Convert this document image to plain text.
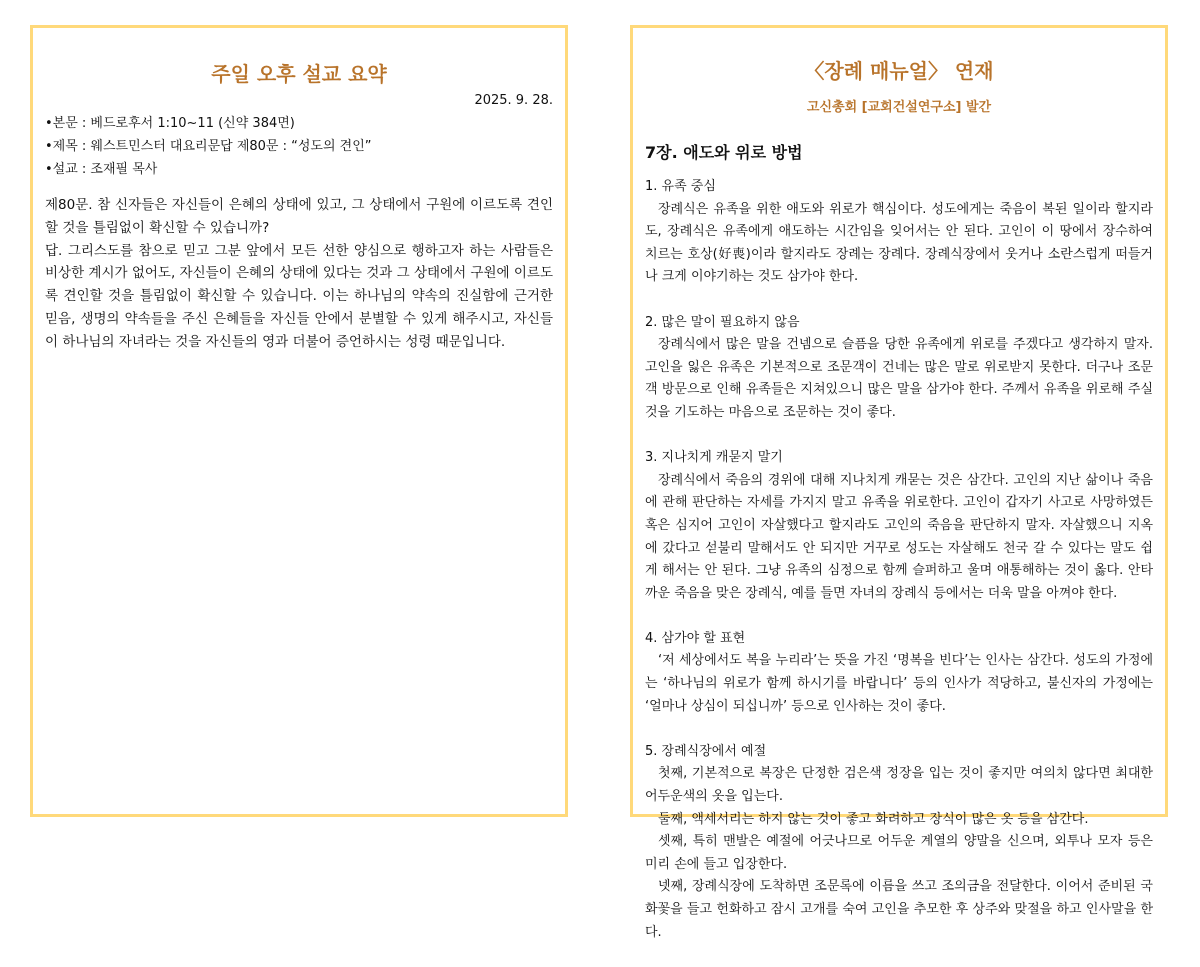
주일 오후 설교 요약
2025. 9. 28.
•본문 : 베드로후서 1:10~11 (신약 384면)
•제목 : 웨스트민스터 대요리문답 제80문 : “성도의 견인”
•설교 : 조재필 목사

제80문. 참 신자들은 자신들이 은혜의 상태에 있고, 그 상태에서 구원에 이르도록 견인할 것을 틀림없이 확신할 수 있습니까?

답. 그리스도를 참으로 믿고 그분 앞에서 모든 선한 양심으로 행하고자 하는 사람들은 비상한 계시가 없어도, 자신들이 은혜의 상태에 있다는 것과 그 상태에서 구원에 이르도록 견인할 것을 틀림없이 확신할 수 있습니다. 이는 하나님의 약속의 진실함에 근거한 믿음, 생명의 약속들을 주신 은혜들을 자신들 안에서 분별할 수 있게 해주시고, 자신들이 하나님의 자녀라는 것을 자신들의 영과 더불어 증언하시는 성령 때문입니다.

〈장례 매뉴얼〉 연재
고신총회 [교회건설연구소] 발간
7장. 애도와 위로 방법
1. 유족 중심

장례식은 유족을 위한 애도와 위로가 핵심이다. 성도에게는 죽음이 복된 일이라 할지라도, 장례식은 유족에게 애도하는 시간임을 잊어서는 안 된다. 고인이 이 땅에서 장수하여 치르는 호상(好喪)이라 할지라도 장례는 장례다. 장례식장에서 웃거나 소란스럽게 떠들거나 크게 이야기하는 것도 삼가야 한다.

2. 많은 말이 필요하지 않음

장례식에서 많은 말을 건넴으로 슬픔을 당한 유족에게 위로를 주겠다고 생각하지 말자. 고인을 잃은 유족은 기본적으로 조문객이 건네는 많은 말로 위로받지 못한다. 더구나 조문객 방문으로 인해 유족들은 지쳐있으니 많은 말을 삼가야 한다. 주께서 유족을 위로해 주실 것을 기도하는 마음으로 조문하는 것이 좋다.

3. 지나치게 캐묻지 말기

장례식에서 죽음의 경위에 대해 지나치게 캐묻는 것은 삼간다. 고인의 지난 삶이나 죽음에 관해 판단하는 자세를 가지지 말고 유족을 위로한다. 고인이 갑자기 사고로 사망하였든 혹은 심지어 고인이 자살했다고 할지라도 고인의 죽음을 판단하지 말자. 자살했으니 지옥에 갔다고 섣불리 말해서도 안 되지만 거꾸로 성도는 자살해도 천국 갈 수 있다는 말도 쉽게 해서는 안 된다. 그냥 유족의 심정으로 함께 슬퍼하고 울며 애통해하는 것이 옳다. 안타까운 죽음을 맞은 장례식, 예를 들면 자녀의 장례식 등에서는 더욱 말을 아껴야 한다.

4. 삼가야 할 표현

‘저 세상에서도 복을 누리라’는 뜻을 가진 ‘명복을 빈다’는 인사는 삼간다. 성도의 가정에는 ‘하나님의 위로가 함께 하시기를 바랍니다’ 등의 인사가 적당하고, 불신자의 가정에는 ‘얼마나 상심이 되십니까’ 등으로 인사하는 것이 좋다.

5. 장례식장에서 예절

첫째, 기본적으로 복장은 단정한 검은색 정장을 입는 것이 좋지만 여의치 않다면 최대한 어두운색의 옷을 입는다.

둘째, 액세서리는 하지 않는 것이 좋고 화려하고 장식이 많은 옷 등을 삼간다.

셋째, 특히 맨발은 예절에 어긋나므로 어두운 계열의 양말을 신으며, 외투나 모자 등은 미리 손에 들고 입장한다.

넷째, 장례식장에 도착하면 조문록에 이름을 쓰고 조의금을 전달한다. 이어서 준비된 국화꽃을 들고 헌화하고 잠시 고개를 숙여 고인을 추모한 후 상주와 맞절을 하고 인사말을 한다.
